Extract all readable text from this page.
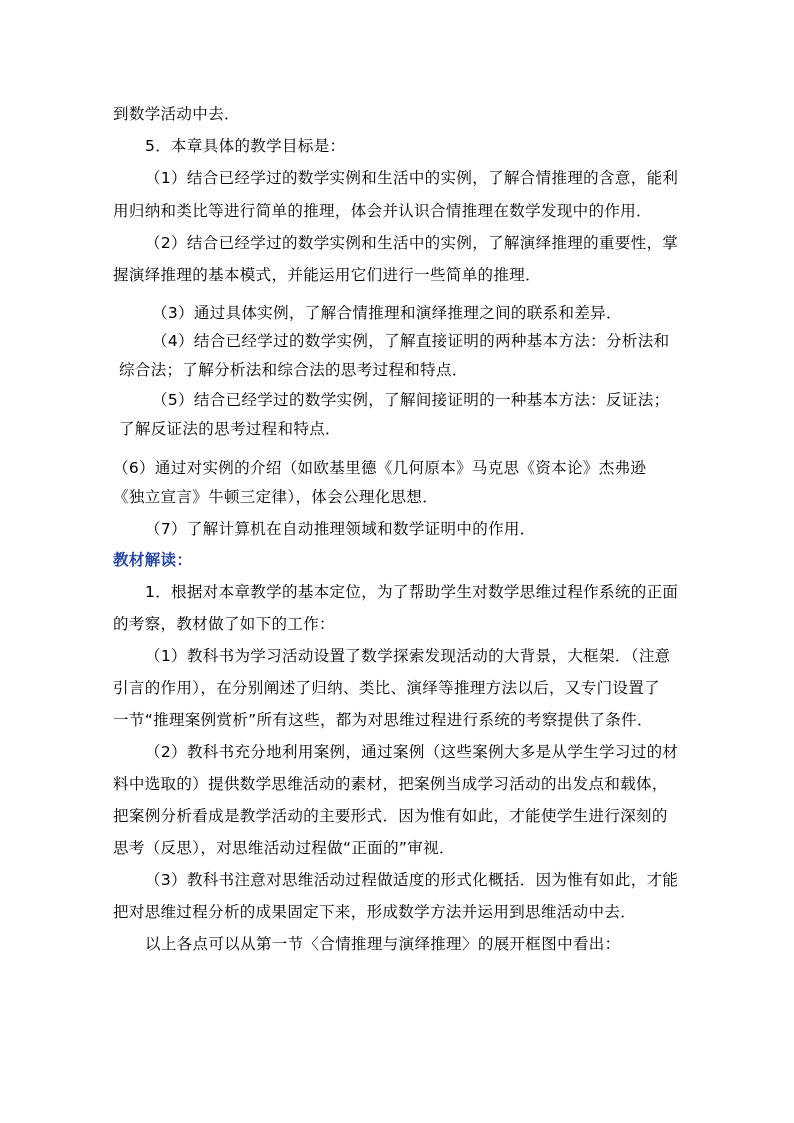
到数学活动中去．
5．本章具体的教学目标是：
（1）结合已经学过的数学实例和生活中的实例，了解合情推理的含意，能利
用归纳和类比等进行简单的推理，体会并认识合情推理在数学发现中的作用．
（2）结合已经学过的数学实例和生活中的实例，了解演绎推理的重要性，掌
握演绎推理的基本模式，并能运用它们进行一些简单的推理．
（3）通过具体实例，了解合情推理和演绎推理之间的联系和差异．
（4）结合已经学过的数学实例，了解直接证明的两种基本方法：分析法和
综合法；了解分析法和综合法的思考过程和特点．
（5）结合已经学过的数学实例，了解间接证明的一种基本方法：反证法；
了解反证法的思考过程和特点．
（6）通过对实例的介绍（如欧基里德《几何原本》马克思《资本论》杰弗逊
《独立宣言》牛顿三定律），体会公理化思想．
（7）了解计算机在自动推理领域和数学证明中的作用．
教材解读：
1．根据对本章教学的基本定位，为了帮助学生对数学思维过程作系统的正面
的考察，教材做了如下的工作：
（1）教科书为学习活动设置了数学探索发现活动的大背景，大框架．（注意
引言的作用），在分别阐述了归纳、类比、演绎等推理方法以后，又专门设置了
一节“推理案例赏析”所有这些，都为对思维过程进行系统的考察提供了条件．
（2）教科书充分地利用案例，通过案例（这些案例大多是从学生学习过的材
料中选取的）提供数学思维活动的素材，把案例当成学习活动的出发点和载体，
把案例分析看成是教学活动的主要形式．因为惟有如此，才能使学生进行深刻的
思考（反思），对思维活动过程做“正面的”审视．
（3）教科书注意对思维活动过程做适度的形式化概括．因为惟有如此，才能
把对思维过程分析的成果固定下来，形成数学方法并运用到思维活动中去．
以上各点可以从第一节〈合情推理与演绎推理〉的展开框图中看出：
